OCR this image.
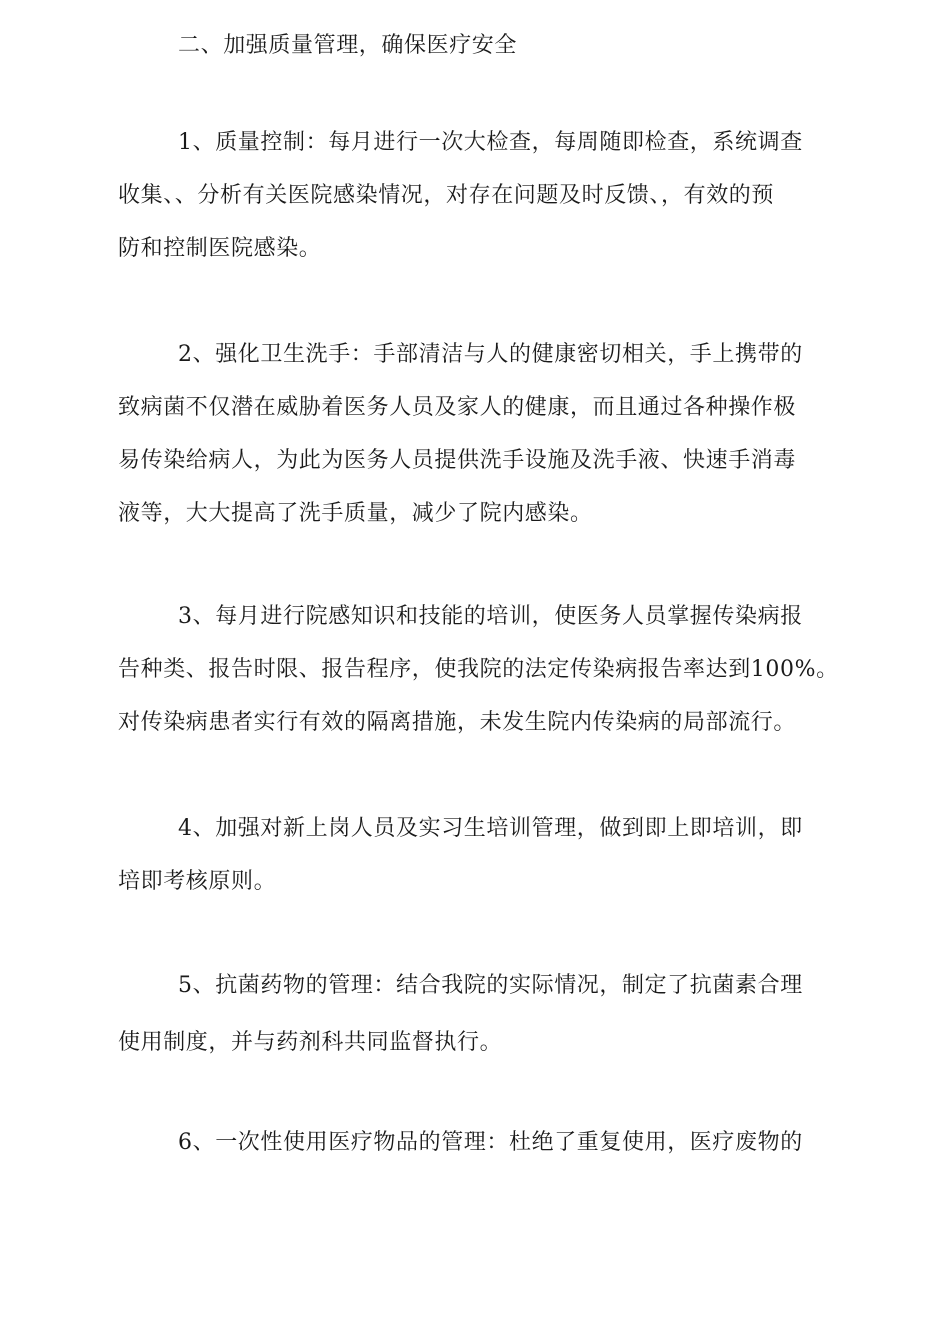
二、加强质量管理，确保医疗安全
1、质量控制：每月进行一次大检查，每周随即检查，系统调查
收集、、分析有关医院感染情况，对存在问题及时反馈、，有效的预
防和控制医院感染。
2、强化卫生洗手：手部清洁与人的健康密切相关，手上携带的
致病菌不仅潜在威胁着医务人员及家人的健康，而且通过各种操作极
易传染给病人，为此为医务人员提供洗手设施及洗手液、快速手消毒
液等，大大提高了洗手质量，减少了院内感染。
3、每月进行院感知识和技能的培训，使医务人员掌握传染病报
告种类、报告时限、报告程序，使我院的法定传染病报告率达到100%。
对传染病患者实行有效的隔离措施，未发生院内传染病的局部流行。
4、加强对新上岗人员及实习生培训管理，做到即上即培训，即
培即考核原则。
5、抗菌药物的管理：结合我院的实际情况，制定了抗菌素合理
使用制度，并与药剂科共同监督执行。
6、一次性使用医疗物品的管理：杜绝了重复使用，医疗废物的
